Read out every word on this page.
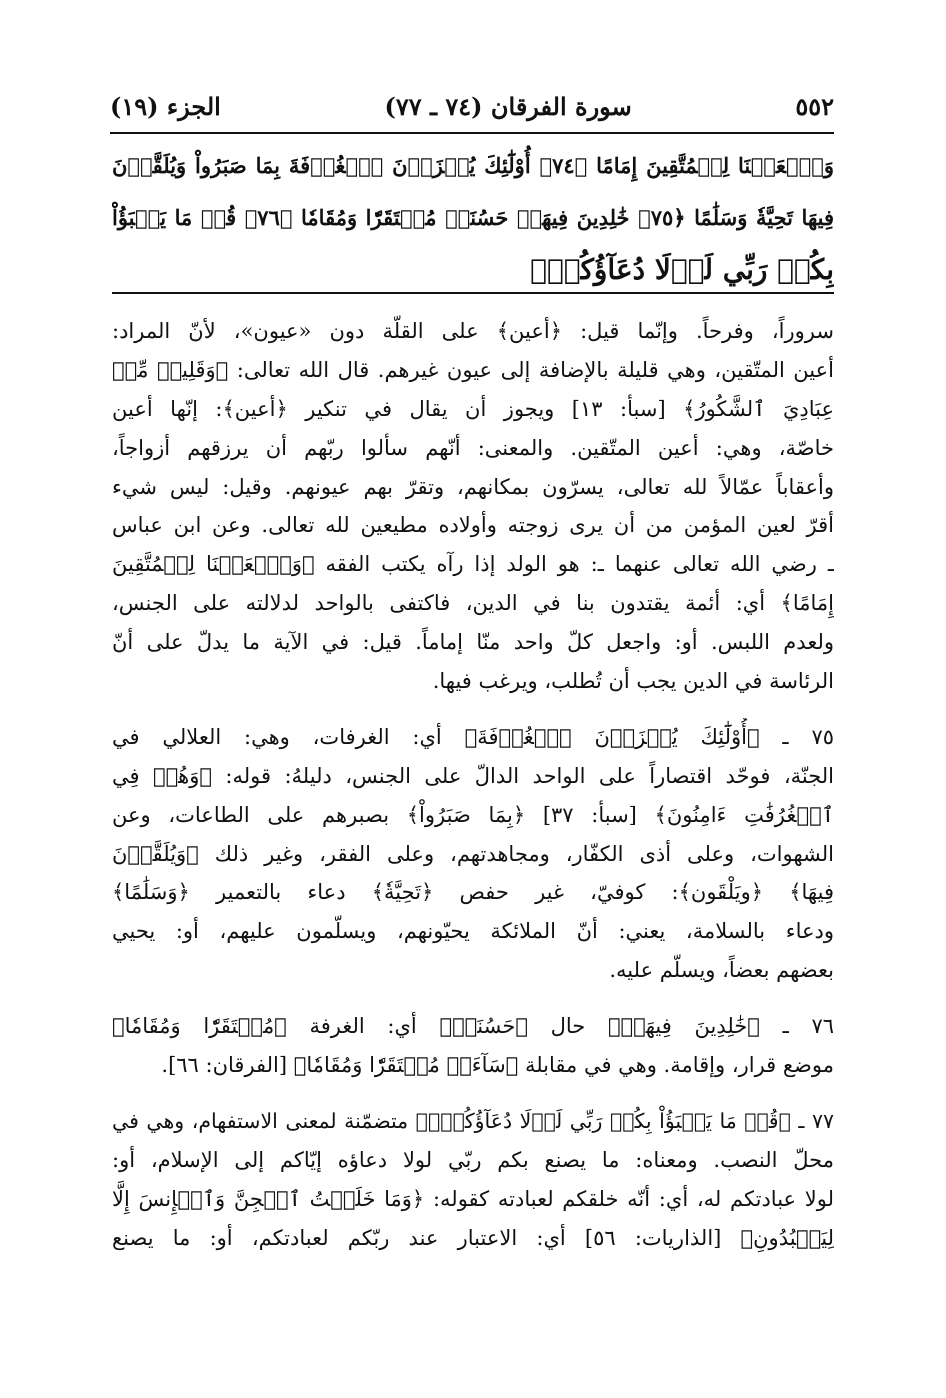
٥٥٢
سورة الفرقان (٧٤ ـ ٧٧)
الجزء (١٩)
وَٱجۡعَلۡنَا لِلۡمُتَّقِينَ إِمَامًا ﴿٧٤﴾ أُوْلَٰٓئِكَ يُجۡزَوۡنَ ٱلۡغُرۡفَةَ بِمَا صَبَرُواْ وَيُلَقَّوۡنَ
فِيهَا تَحِيَّةٗ وَسَلَٰمًا ﴿٧٥﴾ خَٰلِدِينَ فِيهَاۚ حَسُنَتۡ مُسۡتَقَرّٗا وَمُقَامٗا ﴿٧٦﴾ قُلۡ مَا يَعۡبَؤُاْ
بِكُمۡ رَبِّي لَوۡلَا دُعَآؤُكُمۡۖ
سروراً، وفرحاً. وإنّما قيل: ﴿أعين﴾ على القلّة دون «عيون»، لأنّ المراد:
أعين المتّقين، وهي قليلة بالإضافة إلى عيون غيرهم. قال الله تعالى: ﴿وَقَلِيلٞ مِّنۡ
عِبَادِيَ ٱلشَّكُورُ﴾ [سبأ: ١٣] ويجوز أن يقال في تنكير ﴿أعين﴾: إنّها أعين
خاصّة، وهي: أعين المتّقين. والمعنى: أنّهم سألوا ربّهم أن يرزقهم أزواجاً،
وأعقاباً عمّالاً لله تعالى، يسرّون بمكانهم، وتقرّ بهم عيونهم. وقيل: ليس شيء
أقرّ لعين المؤمن من أن يرى زوجته وأولاده مطيعين لله تعالى. وعن ابن عباس
ـ رضي الله تعالى عنهما ـ: هو الولد إذا رآه يكتب الفقه ﴿وَٱجۡعَلۡنَا لِلۡمُتَّقِينَ
إِمَامًا﴾ أي: أئمة يقتدون بنا في الدين، فاكتفى بالواحد لدلالته على الجنس،
ولعدم اللبس. أو: واجعل كلّ واحد منّا إماماً. قيل: في الآية ما يدلّ على أنّ
الرئاسة في الدين يجب أن تُطلب، ويرغب فيها.
٧٥ ـ ﴿أُوْلَٰٓئِكَ يُجۡزَوۡنَ ٱلۡغُرۡفَةَ﴾ أي: الغرفات، وهي: العلالي في
الجنّة، فوحّد اقتصاراً على الواحد الدالّ على الجنس، دليلهُ: قوله: ﴿وَهُمۡ فِي
ٱلۡغُرُفَٰتِ ءَامِنُونَ﴾ [سبأ: ٣٧] ﴿بِمَا صَبَرُواْ﴾ بصبرهم على الطاعات، وعن
الشهوات، وعلى أذى الكفّار، ومجاهدتهم، وعلى الفقر، وغير ذلك ﴿وَيُلَقَّوۡنَ
فِيهَا﴾ ﴿ويَلْقَون﴾: كوفيّ، غير حفص ﴿تَحِيَّةٗ﴾ دعاء بالتعمير ﴿وَسَلَٰمًا﴾
ودعاء بالسلامة، يعني: أنّ الملائكة يحيّونهم، ويسلّمون عليهم، أو: يحيي
بعضهم بعضاً، ويسلّم عليه.
٧٦ ـ ﴿خَٰلِدِينَ فِيهَاۚ﴾ حال ﴿حَسُنَتۡ﴾ أي: الغرفة ﴿مُسۡتَقَرّٗا وَمُقَامٗا﴾
موضع قرار، وإقامة. وهي في مقابلة ﴿سَآءَتۡ مُسۡتَقَرّٗا وَمُقَامٗا﴾ [الفرقان: ٦٦].
٧٧ ـ ﴿قُلۡ مَا يَعۡبَؤُاْ بِكُمۡ رَبِّي لَوۡلَا دُعَآؤُكُمۡۖ﴾ متضمّنة لمعنى الاستفهام، وهي في
محلّ النصب. ومعناه: ما يصنع بكم ربّي لولا دعاؤه إيّاكم إلى الإسلام، أو:
لولا عبادتكم له، أي: أنّه خلقكم لعبادته كقوله: ﴿وَمَا خَلَقۡتُ ٱلۡجِنَّ وَٱلۡإِنسَ إِلَّا
لِيَعۡبُدُونِ﴾ [الذاريات: ٥٦] أي: الاعتبار عند ربّكم لعبادتكم، أو: ما يصنع
